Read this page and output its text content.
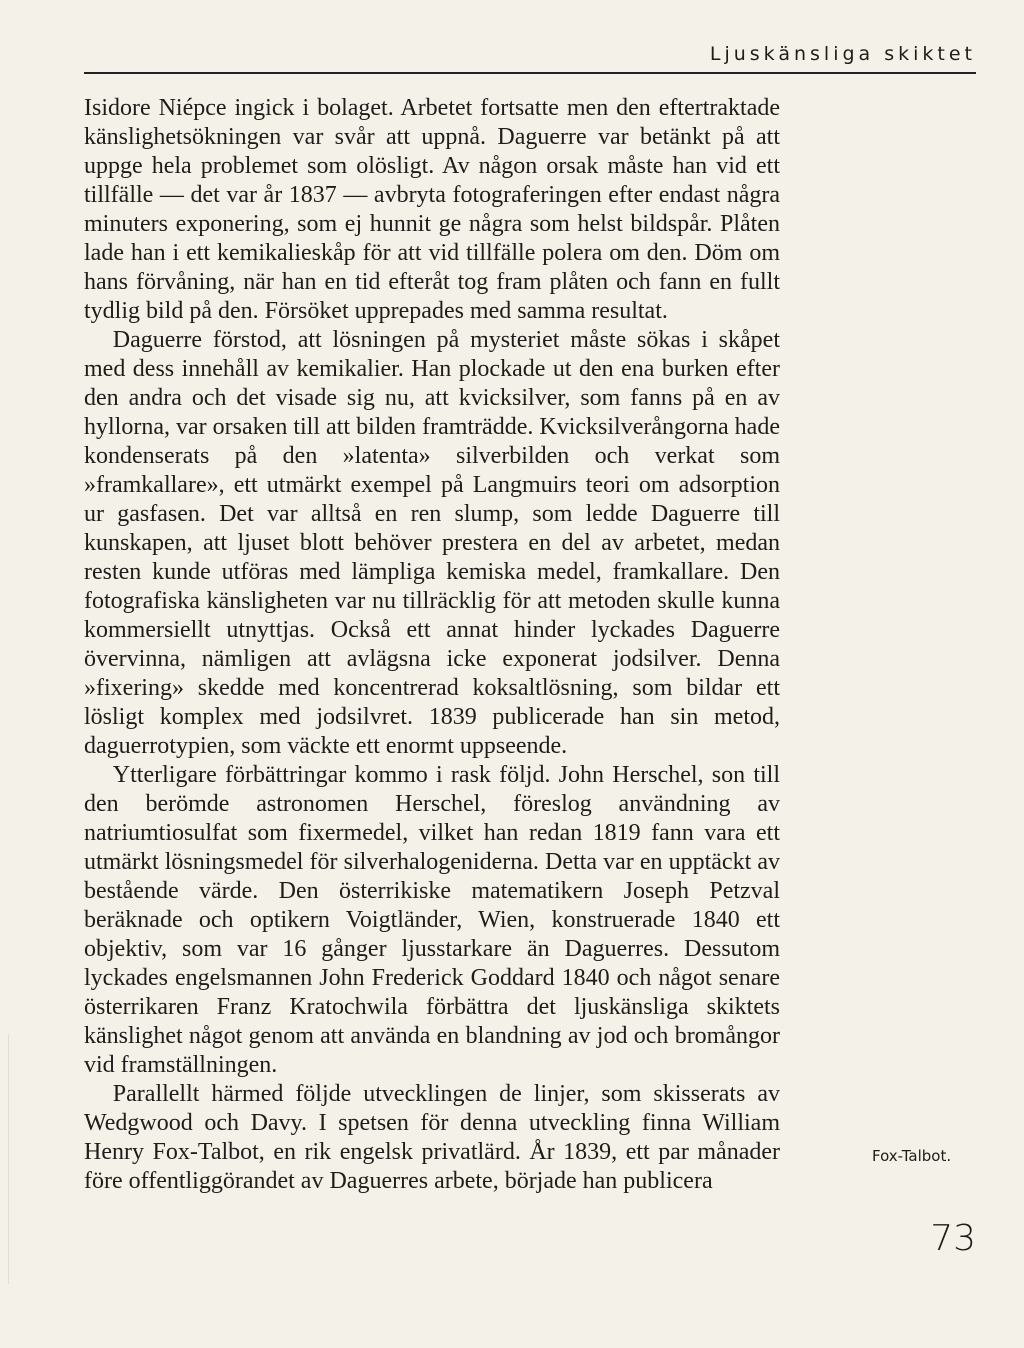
Ljuskänsliga skiktet

Isidore Niépce ingick i bolaget. Arbetet fortsatte men den eftertraktade känslighetsökningen var svår att uppnå. Daguerre var betänkt på att uppge hela problemet som olösligt. Av någon orsak måste han vid ett tillfälle — det var år 1837 — avbryta fotograferingen efter endast några minuters exponering, som ej hunnit ge några som helst bildspår. Plåten lade han i ett kemikalieskåp för att vid tillfälle polera om den. Döm om hans förvåning, när han en tid efteråt tog fram plåten och fann en fullt tydlig bild på den. Försöket upprepades med samma resultat.

Daguerre förstod, att lösningen på mysteriet måste sökas i skåpet med dess innehåll av kemikalier. Han plockade ut den ena burken efter den andra och det visade sig nu, att kvicksilver, som fanns på en av hyllorna, var orsaken till att bilden framträdde. Kvicksilverångorna hade kondenserats på den »latenta» silverbilden och verkat som »framkallare», ett utmärkt exempel på Langmuirs teori om adsorption ur gasfasen. Det var alltså en ren slump, som ledde Daguerre till kunskapen, att ljuset blott behöver prestera en del av arbetet, medan resten kunde utföras med lämpliga kemiska medel, framkallare. Den fotografiska känsligheten var nu tillräcklig för att metoden skulle kunna kommersiellt utnyttjas. Också ett annat hinder lyckades Daguerre övervinna, nämligen att avlägsna icke exponerat jodsilver. Denna »fixering» skedde med koncentrerad koksaltlösning, som bildar ett lösligt komplex med jodsilvret. 1839 publicerade han sin metod, daguerrotypien, som väckte ett enormt uppseende.

Ytterligare förbättringar kommo i rask följd. John Herschel, son till den berömde astronomen Herschel, föreslog användning av natriumtiosulfat som fixermedel, vilket han redan 1819 fann vara ett utmärkt lösningsmedel för silverhalogeniderna. Detta var en upptäckt av bestående värde. Den österrikiske matematikern Joseph Petzval beräknade och optikern Voigtländer, Wien, konstruerade 1840 ett objektiv, som var 16 gånger ljusstarkare än Daguerres. Dessutom lyckades engelsmannen John Frederick Goddard 1840 och något senare österrikaren Franz Kratochwila förbättra det ljuskänsliga skiktets känslighet något genom att använda en blandning av jod och bromångor vid framställningen.

Parallellt härmed följde utvecklingen de linjer, som skisserats av Wedgwood och Davy. I spetsen för denna utveckling finna William Henry Fox-Talbot, en rik engelsk privatlärd. År 1839, ett par månader före offentliggörandet av Daguerres arbete, började han publicera

Fox-Talbot.
73
